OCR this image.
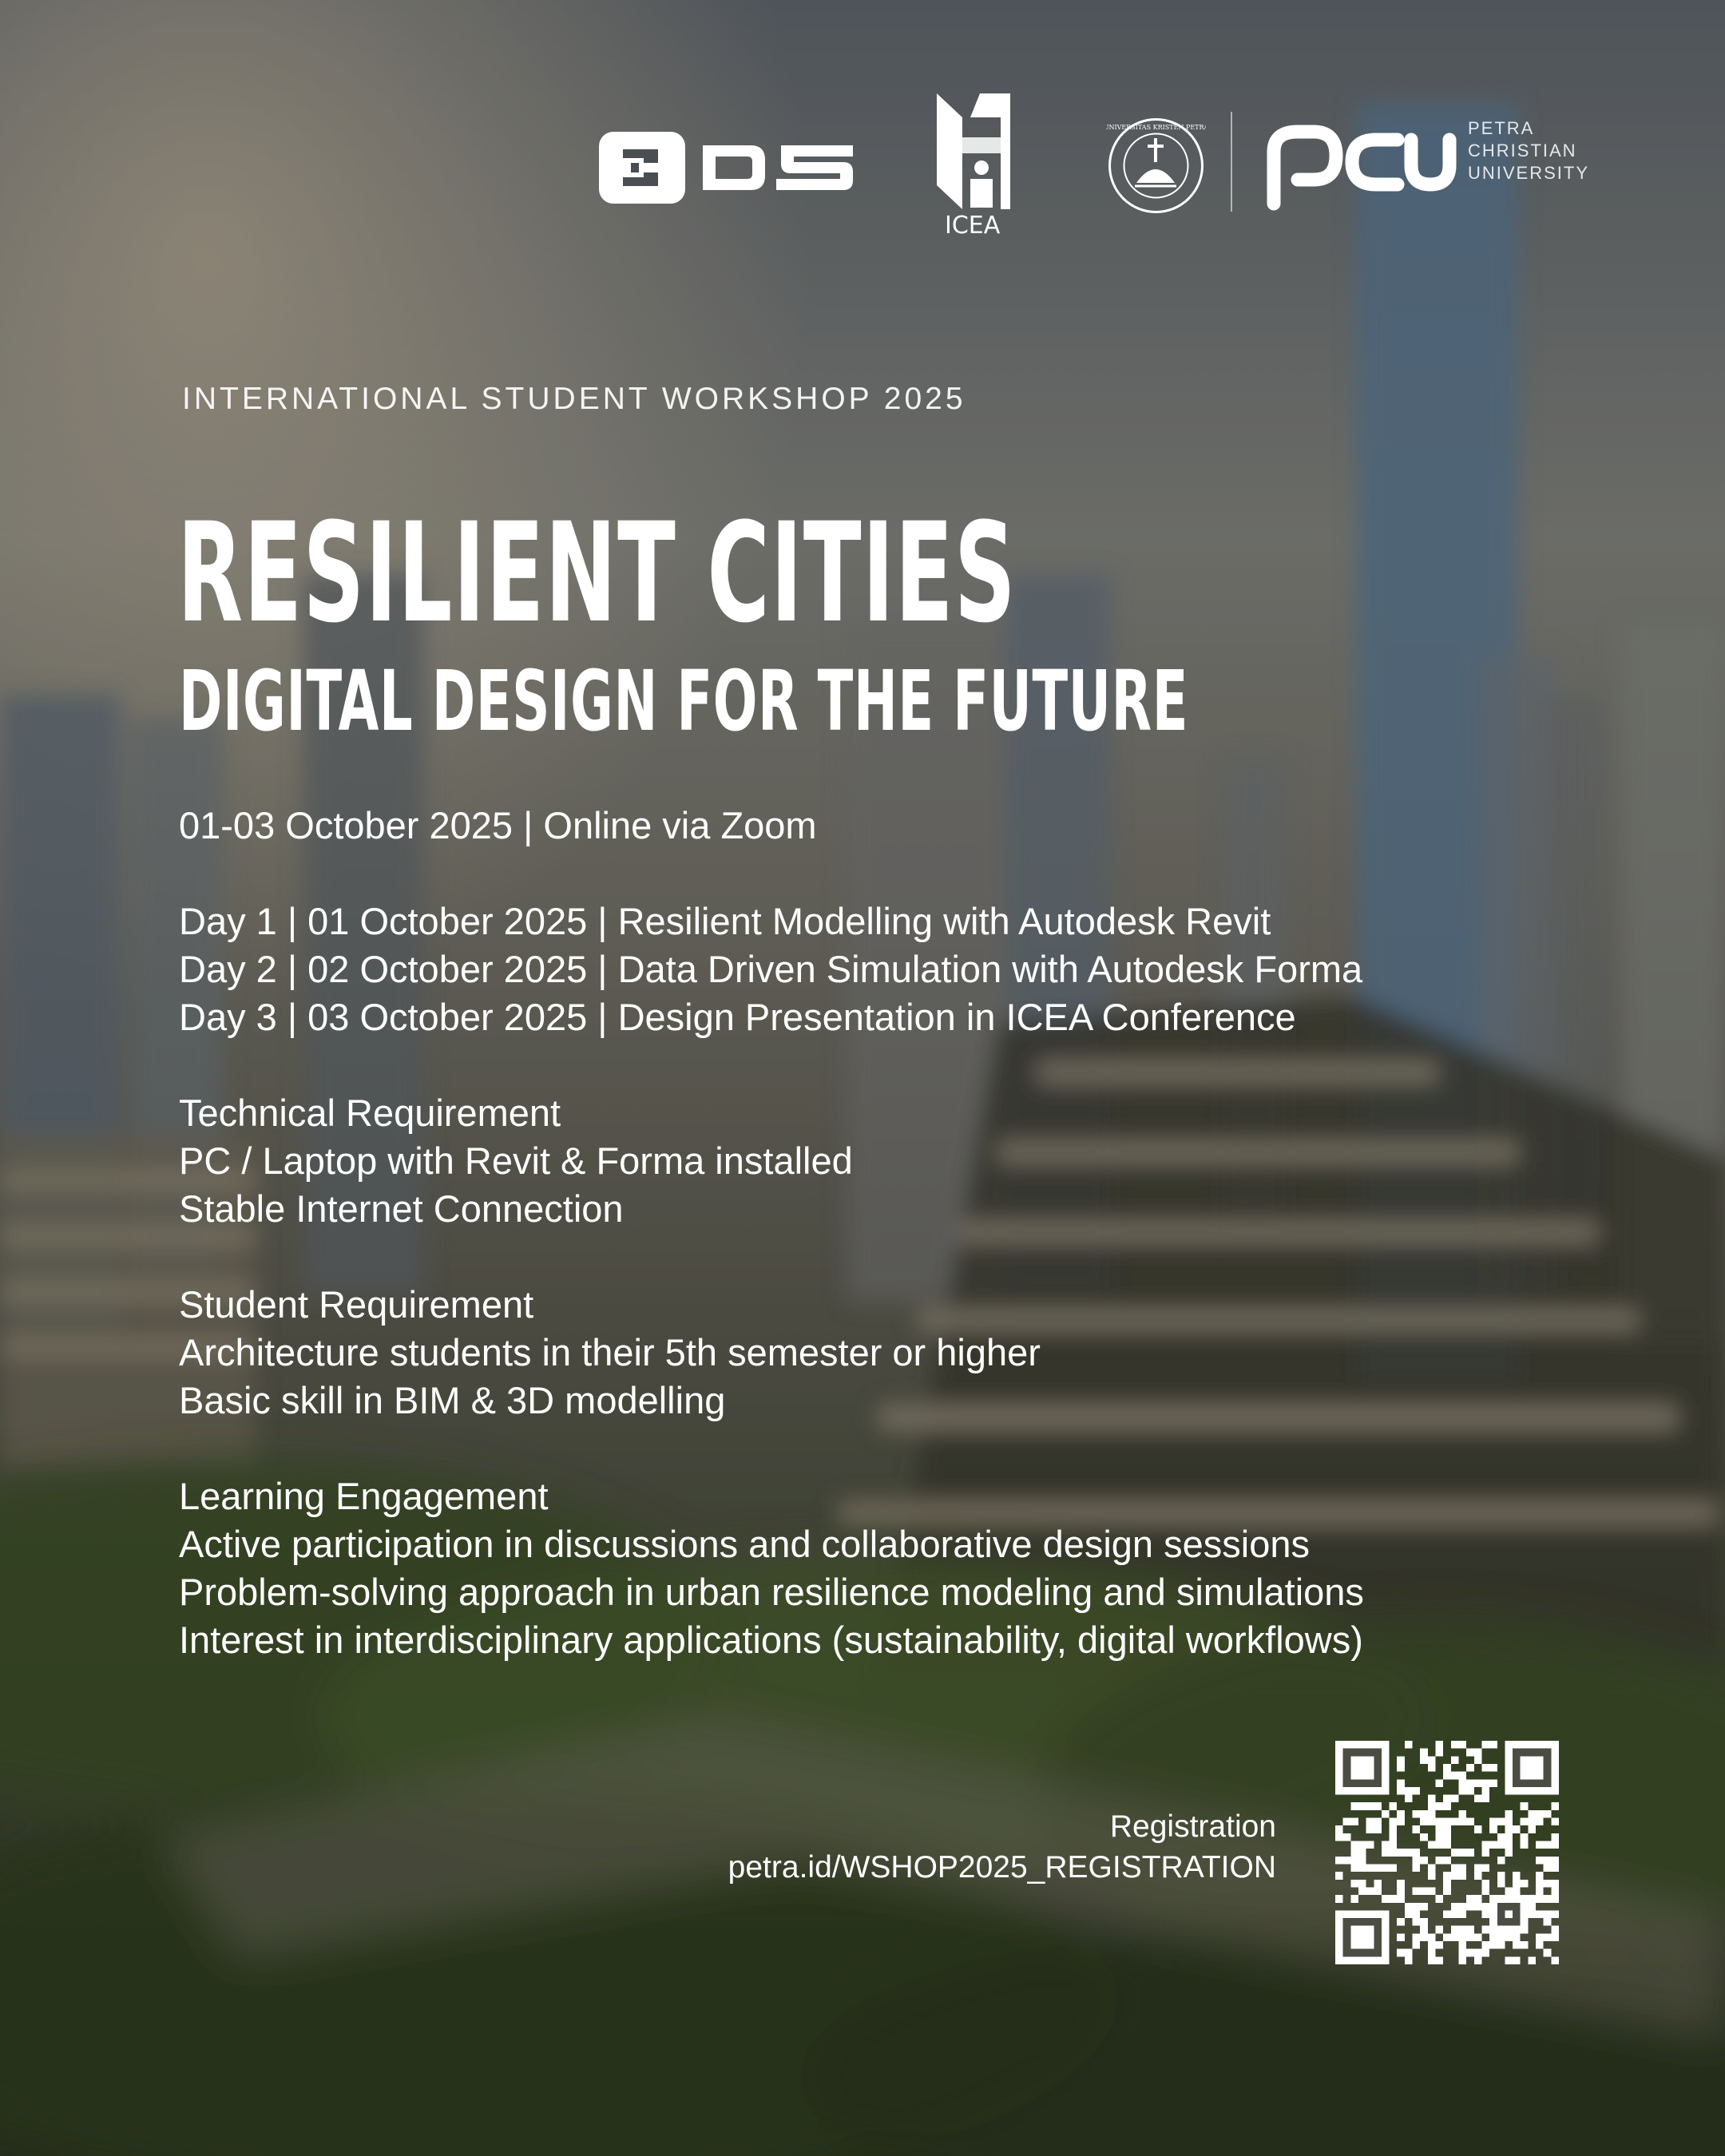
3DS
ICEA
UNIVERSITAS KRISTEN PETRA
pcu
PETRA
CHRISTIAN
UNIVERSITY
INTERNATIONAL STUDENT WORKSHOP 2025
RESILIENT CITIES
DIGITAL DESIGN FOR THE FUTURE
01-03 October 2025 | Online via Zoom
Day 1 | 01 October 2025 | Resilient Modelling with Autodesk Revit
Day 2 | 02 October 2025 | Data Driven Simulation with Autodesk Forma
Day 3 | 03 October 2025 | Design Presentation in ICEA Conference
Technical Requirement
PC / Laptop with Revit & Forma installed
Stable Internet Connection
Student Requirement
Architecture students in their 5th semester or higher
Basic skill in BIM & 3D modelling
Learning Engagement
Active participation in discussions and collaborative design sessions
Problem-solving approach in urban resilience modeling and simulations
Interest in interdisciplinary applications (sustainability, digital workflows)
Registration
petra.id/WSHOP2025_REGISTRATION
